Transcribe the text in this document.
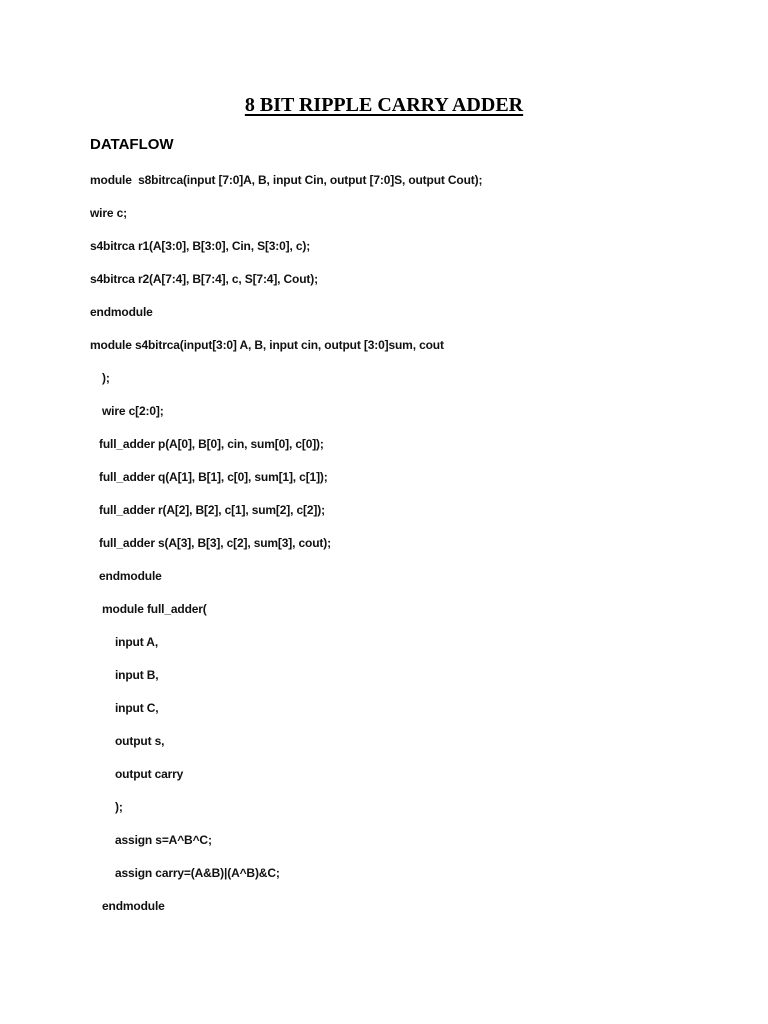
8 BIT RIPPLE CARRY ADDER
DATAFLOW
module  s8bitrca(input [7:0]A, B, input Cin, output [7:0]S, output Cout);
wire c;
s4bitrca r1(A[3:0], B[3:0], Cin, S[3:0], c);
s4bitrca r2(A[7:4], B[7:4], c, S[7:4], Cout);
endmodule
module s4bitrca(input[3:0] A, B, input cin, output [3:0]sum, cout
);
wire c[2:0];
full_adder p(A[0], B[0], cin, sum[0], c[0]);
full_adder q(A[1], B[1], c[0], sum[1], c[1]);
full_adder r(A[2], B[2], c[1], sum[2], c[2]);
full_adder s(A[3], B[3], c[2], sum[3], cout);
endmodule
module full_adder(
input A,
input B,
input C,
output s,
output carry
);
assign s=A^B^C;
assign carry=(A&B)|(A^B)&C;
endmodule
